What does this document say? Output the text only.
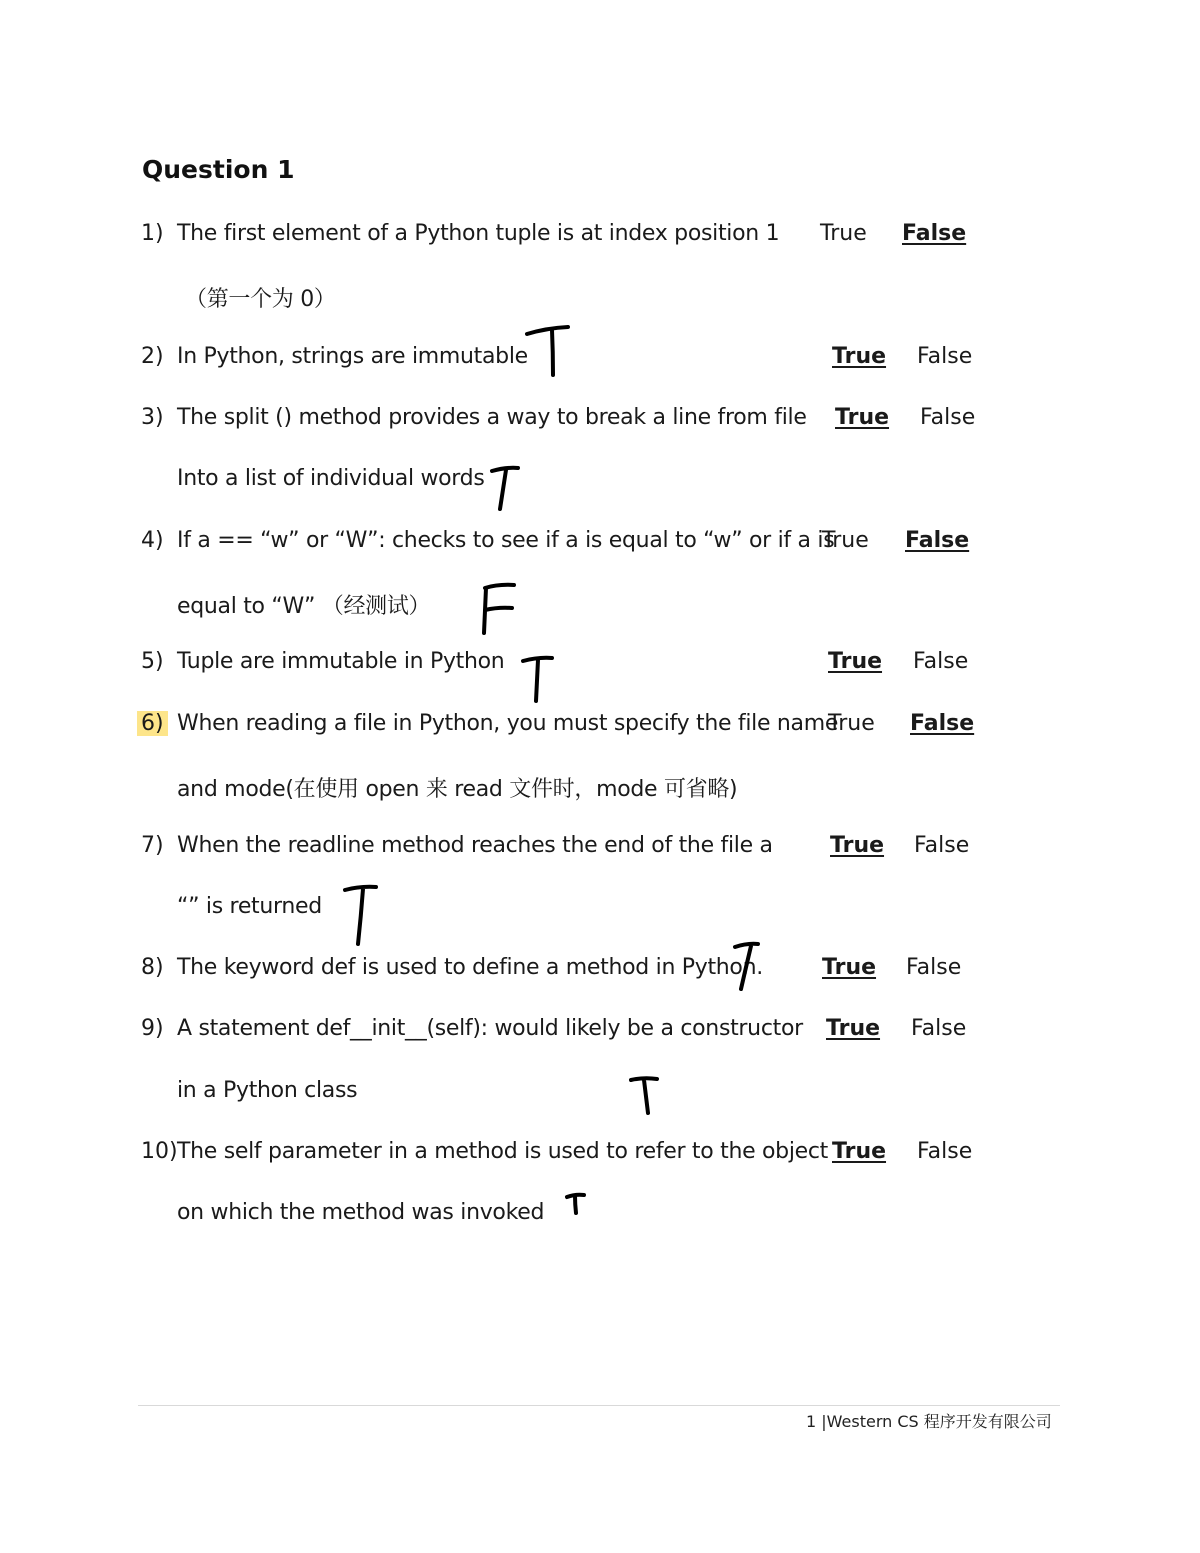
Question 1
1) The first element of a Python tuple is at index position 1
（第一个为 0）
True False
2) In Python, strings are immutable	True False
3) The split () method provides a way to break a line from file
Into a list of individual words
True False
4) If a == “w” or “W”: checks to see if a is equal to “w” or if a is
equal to “W” （经测试）
True False
5) Tuple are immutable in Python	True False
6) When reading a file in Python, you must specify the file name
and mode(在使用 open 来 read 文件时，mode 可省略)
True False
7) When the readline method reaches the end of the file a
“” is returned
True False
8) The keyword def is used to define a method in Python.	True False
9) A statement def__init__(self): would likely be a constructor
in a Python class
True False
10) The self parameter in a method is used to refer to the object
on which the method was invoked
True False
1 |Western CS 程序开发有限公司
